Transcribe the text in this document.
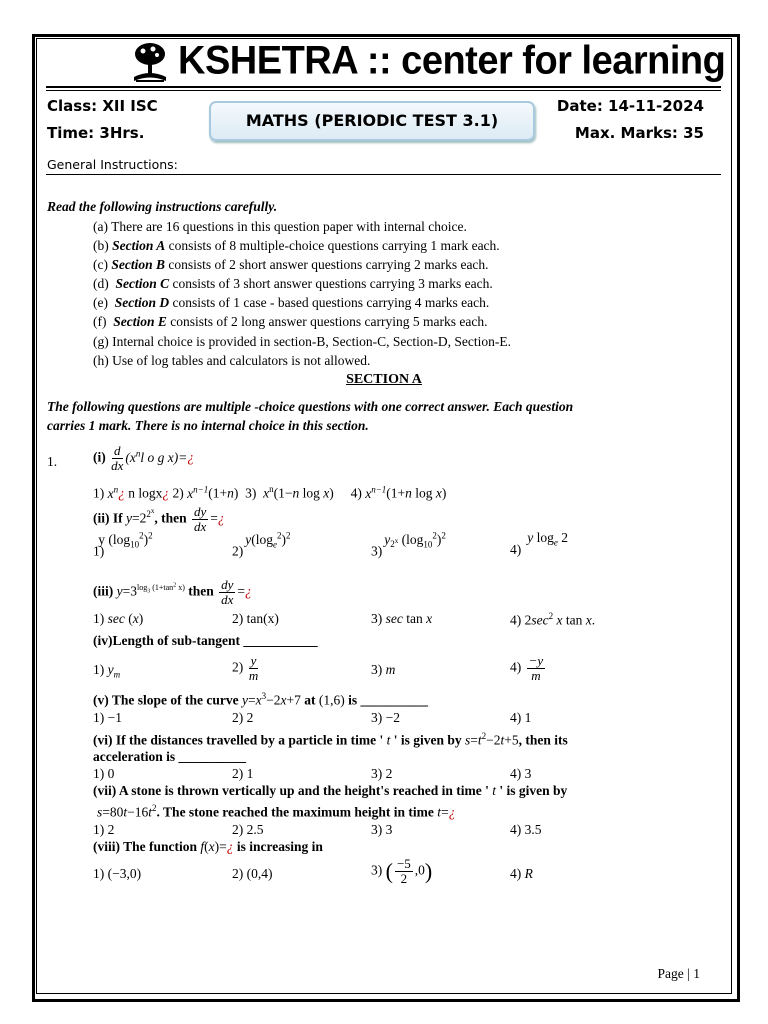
KSHETRA :: center for learning
Class: XII ISC
Time: 3Hrs.
MATHS (PERIODIC TEST 3.1)
Date: 14-11-2024
Max. Marks: 35
General Instructions:
Read the following instructions carefully.
(a) There are 16 questions in this question paper with internal choice.
(b) Section A consists of 8 multiple-choice questions carrying 1 mark each.
(c) Section B consists of 2 short answer questions carrying 2 marks each.
(d) Section C consists of 3 short answer questions carrying 3 marks each.
(e) Section D consists of 1 case - based questions carrying 4 marks each.
(f) Section E consists of 2 long answer questions carrying 5 marks each.
(g) Internal choice is provided in section-B, Section-C, Section-D, Section-E.
(h) Use of log tables and calculators is not allowed.
SECTION A
The following questions are multiple -choice questions with one correct answer. Each question
carries 1 mark. There is no internal choice in this section.
1.	$(i) \frac{d}{dx} (x^nl$ o g x)=¿
1) $x^n¿$ n logx¿ 2) $x^{n-1}(1+n)$  3)  $x^n(1-n$ log x)     4) $x^{n-1}(1+n$ log x)
(ii) If $y=2^{2^x}$, then $\frac{dy}{dx}$ =¿
1)y $(\log_{10}^2)^2$
$2)y(\log_e^2)^2$
$3)y_{2^x}$ $(\log_{10}^2)^2$
4)y $\log_e 2$
(iii) $y=3^{log_3 (1+tan^2 x)}$ then $\frac{dy}{dx}$ =¿
1) sec (x)	2) tan(x)	3) sec tan x	4) $2\sec^2$ x tan x.
(iv)Length of sub-tangent ___________
1) $y_m$
$2) \frac{y}{m}$	3) m	$4) \frac{-y}{m}$
(v) The slope of the curve $y=x^3-2x+7$ at (1,6) is __________
1) −1	2) 2	3) −2	4) 1
(vi) If the distances travelled by a particle in time ' t ' is given by $s=t^2-2t+5$, then its
acceleration is __________
1) 0	2) 1	3) 2	4) 3
(vii) A stone is thrown vertically up and the height's reached in time ' t ' is given by
$s=80t-16t^2$. The stone reached the maximum height in time t=¿
1) 2	2) 2.5	3) 3	4) 3.5
(viii) The function f(x)=¿ is increasing in
1) (−3,0)	2) (0,4)	3) ( $\frac{-5}{2} ,0$)	4) R
Page | 1
